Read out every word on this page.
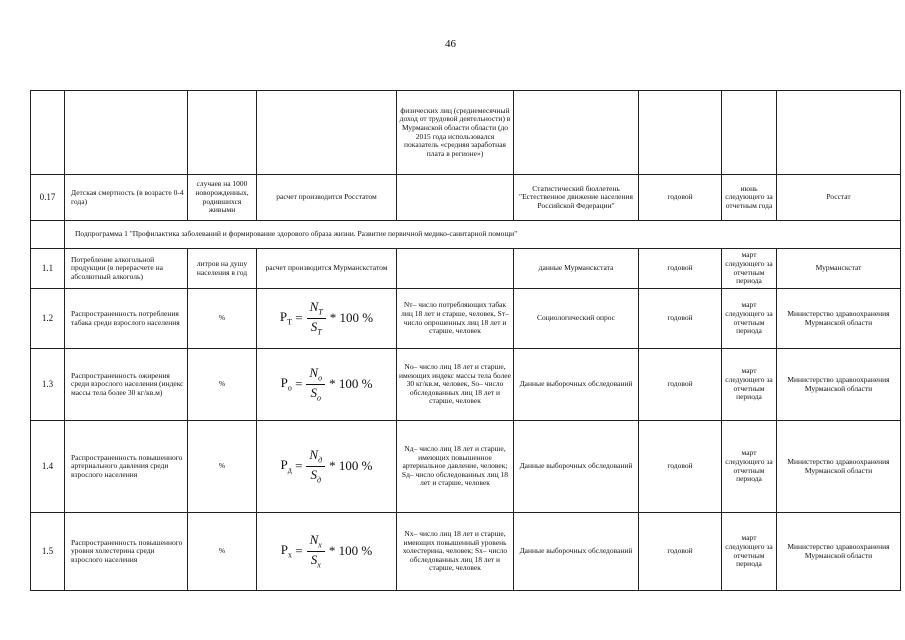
46
				физических лиц (среднемесячный доход от трудовой деятельности) в Мурманской области области (до 2015 года использовался показатель «средняя заработная плата в регионе»)				
0.17	Детская смертность (в возрасте 0-4 года)	случаев на 1000 новорожденных, родившихся живыми	расчет производится Росстатом		Статистический бюллетень "Естественное движение населения Российской Федерации"	годовой	июнь следующего за отчетным года	Росстат
	Подпрограмма 1 "Профилактика заболеваний и формирование здорового образа жизни. Развитие первичной медико-санитарной помощи"							
1.1	Потребление алкогольной продукции (в перерасчете на абсолютный алкоголь)	литров на душу населения в год	расчет производится Мурманскстатом		данные Мурманскстата	годовой	март следующего за отчетным периода	Мурманскстат
1.2	Распространенность потребления табака среди взрослого населения	%	$P_T = \frac{N_T}{S_T} * 100$ %	Nт– число потребляющих табак лиц 18 лет и старше, человек, Sт– число опрошенных лиц 18 лет и старше, человек	Социологический опрос	годовой	март следующего за отчетным периода	Министерство здравоохранения Мурманской области
1.3	Распространенность ожирения среди взрослого населения (индекс массы тела более 30 кг/кв.м)	%	$P_o = \frac{N_o}{S_o} * 100$ %	No– число лиц 18 лет и старше, имеющих индекс массы тела более 30 кг/кв.м, человек, So– число обследованных лиц 18 лет и старше, человек	Данные выборочных обследований	годовой	март следующего за отчетным периода	Министерство здравоохранения Мурманской области
1.4	Распространенность повышенного артериального давления среди взрослого населения	%	$P_д = \frac{N_д}{S_д} * 100$ %	Nд– число лиц 18 лет и старше, имеющих повышенное артериальное давление, человек; Sд– число обследованных лиц 18 лет и старше, человек	Данные выборочных обследований	годовой	март следующего за отчетным периода	Министерство здравоохранения Мурманской области
1.5	Распространенность повышенного уровня холестерина среди взрослого населения	%	$P_x = \frac{N_x}{S_x} * 100$ %	Nx– число лиц 18 лет и старше, имеющих повышенный уровень холестерина, человек; Sx– число обследованных лиц 18 лет и старше, человек	Данные выборочных обследований	годовой	март следующего за отчетным периода	Министерство здравоохранения Мурманской области
